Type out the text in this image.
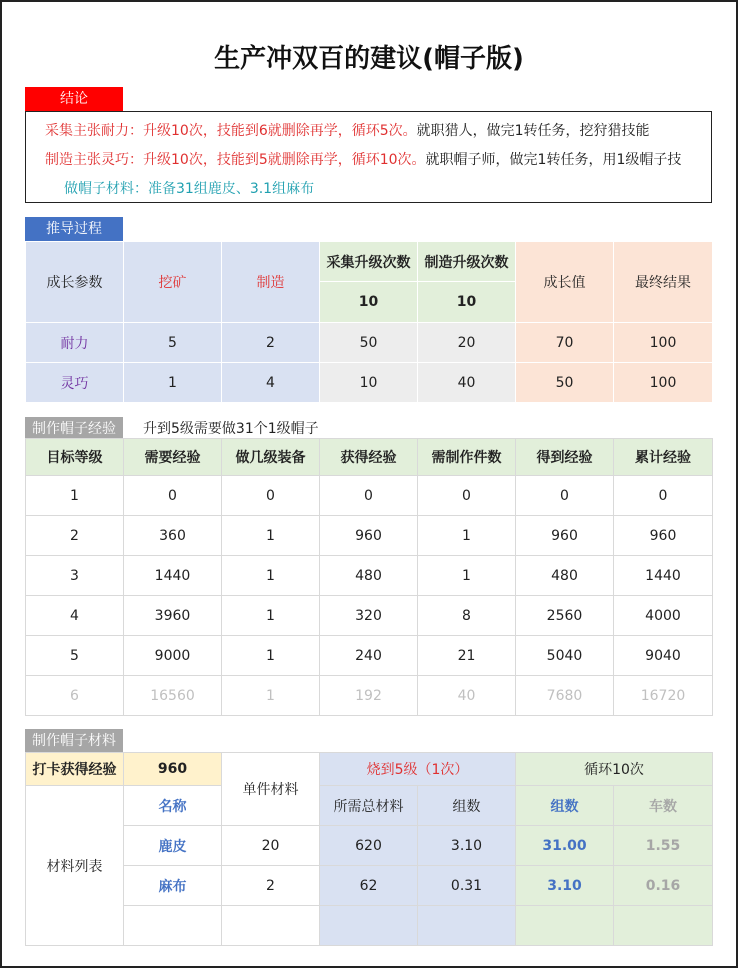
生产冲双百的建议(帽子版)
结论
采集主张耐力：升级10次，技能到6就删除再学，循环5次。就职猎人，做完1转任务，挖狩猎技能
制造主张灵巧：升级10次，技能到5就删除再学，循环10次。就职帽子师，做完1转任务，用1级帽子技
做帽子材料：准备31组鹿皮、3.1组麻布
推导过程
成长参数	挖矿	制造	采集升级次数	制造升级次数	成长值	最终结果
			10	10		
耐力	5	2	50	20	70	100
灵巧	1	4	10	40	50	100
制作帽子经验	升到5级需要做31个1级帽子
目标等级	需要经验	做几级装备	获得经验	需制作件数	得到经验	累计经验
1	0	0	0	0	0	0
2	360	1	960	1	960	960
3	1440	1	480	1	480	1440
4	3960	1	320	8	2560	4000
5	9000	1	240	21	5040	9040
6	16560	1	192	40	7680	16720
制作帽子材料
打卡获得经验	960	单件材料	烧到5级（1次）		循环10次	
材料列表	名称		所需总材料	组数	组数	车数
	鹿皮	20	620	3.10	31.00	1.55
	麻布	2	62	0.31	3.10	0.16
